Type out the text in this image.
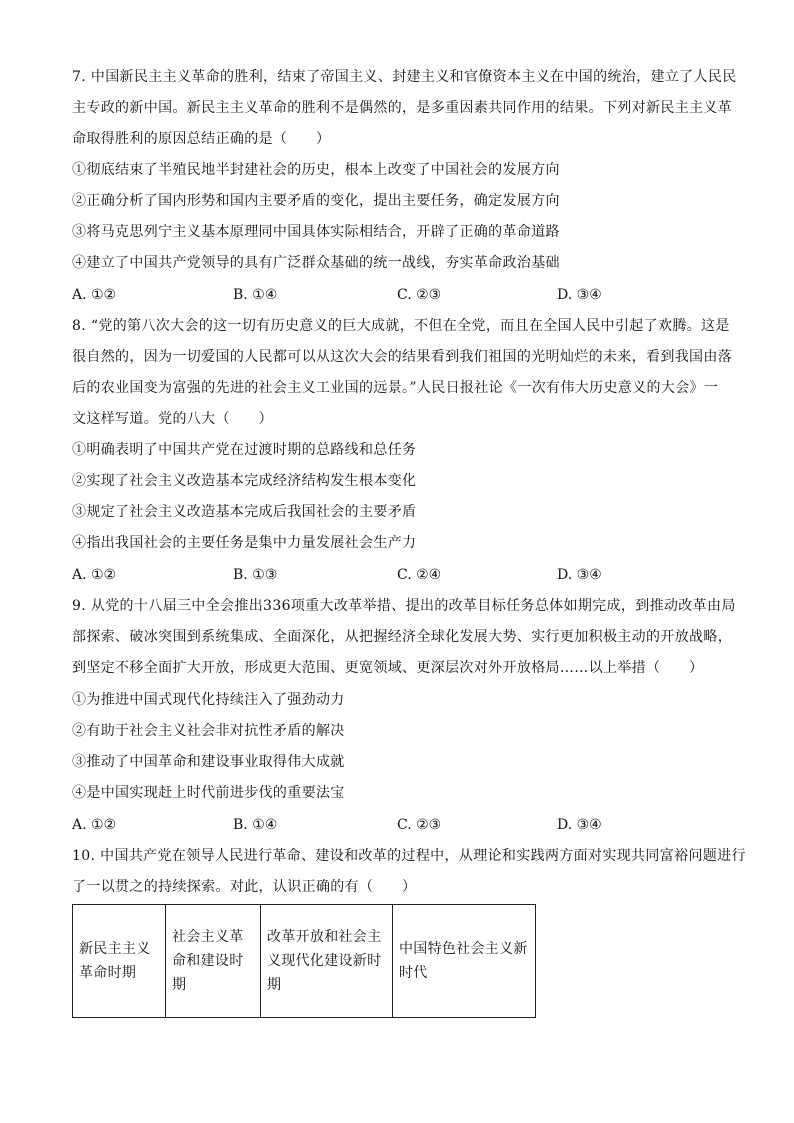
7. 中国新民主主义革命的胜利，结束了帝国主义、封建主义和官僚资本主义在中国的统治，建立了人民民
主专政的新中国。新民主主义革命的胜利不是偶然的，是多重因素共同作用的结果。下列对新民主主义革
命取得胜利的原因总结正确的是（　　）
①彻底结束了半殖民地半封建社会的历史，根本上改变了中国社会的发展方向
②正确分析了国内形势和国内主要矛盾的变化，提出主要任务，确定发展方向
③将马克思列宁主义基本原理同中国具体实际相结合，开辟了正确的革命道路
④建立了中国共产党领导的具有广泛群众基础的统一战线，夯实革命政治基础
A. ①②	B. ①④	C. ②③	D. ③④
8. “党的第八次大会的这一切有历史意义的巨大成就，不但在全党，而且在全国人民中引起了欢腾。这是
很自然的，因为一切爱国的人民都可以从这次大会的结果看到我们祖国的光明灿烂的未来，看到我国由落
后的农业国变为富强的先进的社会主义工业国的远景。”人民日报社论《一次有伟大历史意义的大会》一
文这样写道。党的八大（　　）
①明确表明了中国共产党在过渡时期的总路线和总任务
②实现了社会主义改造基本完成经济结构发生根本变化
③规定了社会主义改造基本完成后我国社会的主要矛盾
④指出我国社会的主要任务是集中力量发展社会生产力
A. ①②	B. ①③	C. ②④	D. ③④
9. 从党的十八届三中全会推出336项重大改革举措、提出的改革目标任务总体如期完成，到推动改革由局
部探索、破冰突围到系统集成、全面深化，从把握经济全球化发展大势、实行更加积极主动的开放战略，
到坚定不移全面扩大开放，形成更大范围、更宽领域、更深层次对外开放格局……以上举措（　　）
①为推进中国式现代化持续注入了强劲动力
②有助于社会主义社会非对抗性矛盾的解决
③推动了中国革命和建设事业取得伟大成就
④是中国实现赶上时代前进步伐的重要法宝
A. ①②	B. ①④	C. ②③	D. ③④
10. 中国共产党在领导人民进行革命、建设和改革的过程中，从理论和实践两方面对实现共同富裕问题进行
了一以贯之的持续探索。对此，认识正确的有（　　）
新民主主义革命时期	社会主义革命和建设时期	改革开放和社会主义现代化建设新时期	中国特色社会主义新时代
